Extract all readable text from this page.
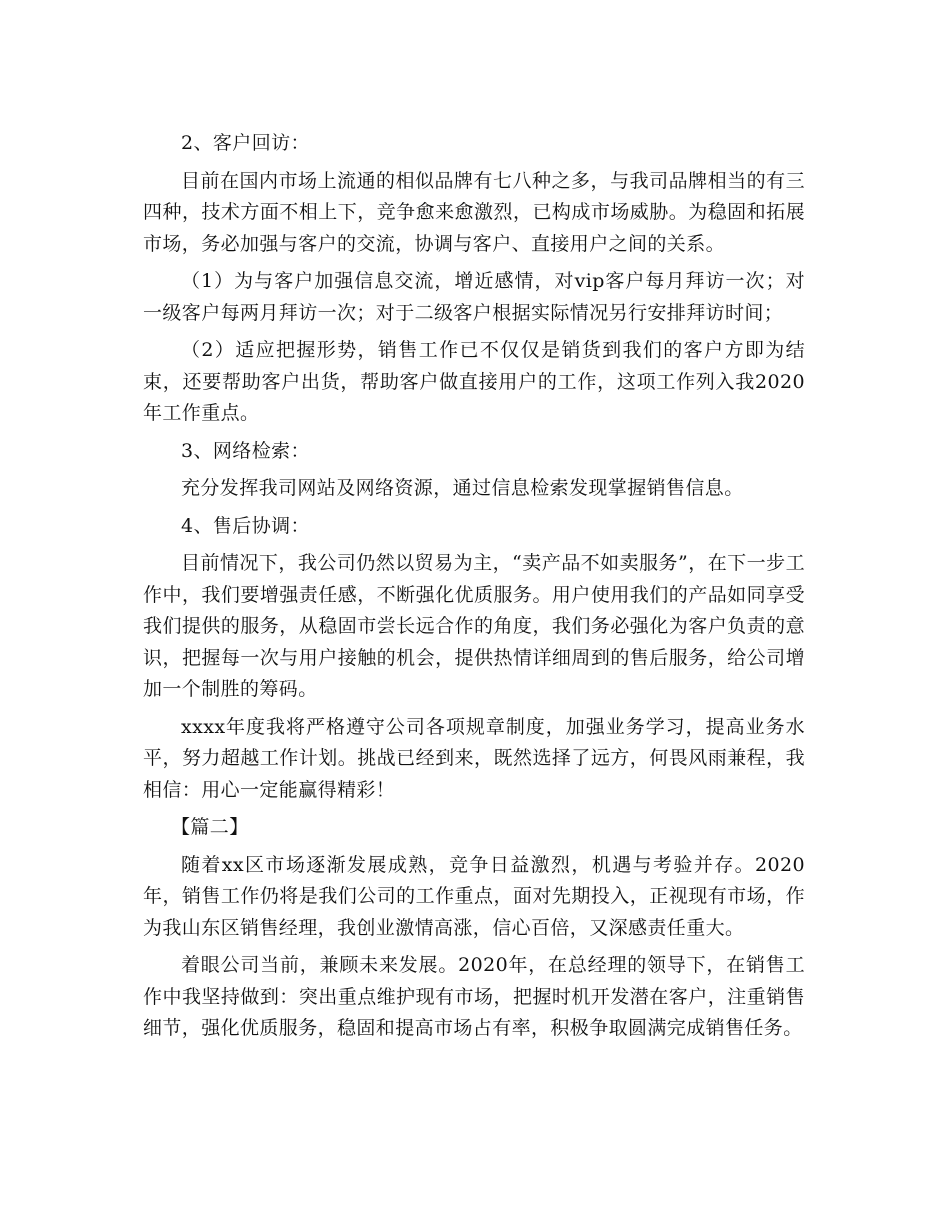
2、客户回访：

目前在国内市场上流通的相似品牌有七八种之多，与我司品牌相当的有三四种，技术方面不相上下，竞争愈来愈激烈，已构成市场威胁。为稳固和拓展市场，务必加强与客户的交流，协调与客户、直接用户之间的关系。

（1）为与客户加强信息交流，增近感情，对vip客户每月拜访一次；对一级客户每两月拜访一次；对于二级客户根据实际情况另行安排拜访时间；

（2）适应把握形势，销售工作已不仅仅是销货到我们的客户方即为结束，还要帮助客户出货，帮助客户做直接用户的工作，这项工作列入我2020年工作重点。

3、网络检索：

充分发挥我司网站及网络资源，通过信息检索发现掌握销售信息。

4、售后协调：

目前情况下，我公司仍然以贸易为主，“卖产品不如卖服务”，在下一步工作中，我们要增强责任感，不断强化优质服务。用户使用我们的产品如同享受我们提供的服务，从稳固市尝长远合作的角度，我们务必强化为客户负责的意识，把握每一次与用户接触的机会，提供热情详细周到的售后服务，给公司增加一个制胜的筹码。

xxxx年度我将严格遵守公司各项规章制度，加强业务学习，提高业务水平，努力超越工作计划。挑战已经到来，既然选择了远方，何畏风雨兼程，我相信：用心一定能赢得精彩！

【篇二】

随着xx区市场逐渐发展成熟，竞争日益激烈，机遇与考验并存。2020年，销售工作仍将是我们公司的工作重点，面对先期投入，正视现有市场，作为我山东区销售经理，我创业激情高涨，信心百倍，又深感责任重大。

着眼公司当前，兼顾未来发展。2020年，在总经理的领导下，在销售工作中我坚持做到：突出重点维护现有市场，把握时机开发潜在客户，注重销售细节，强化优质服务，稳固和提高市场占有率，积极争取圆满完成销售任务。
